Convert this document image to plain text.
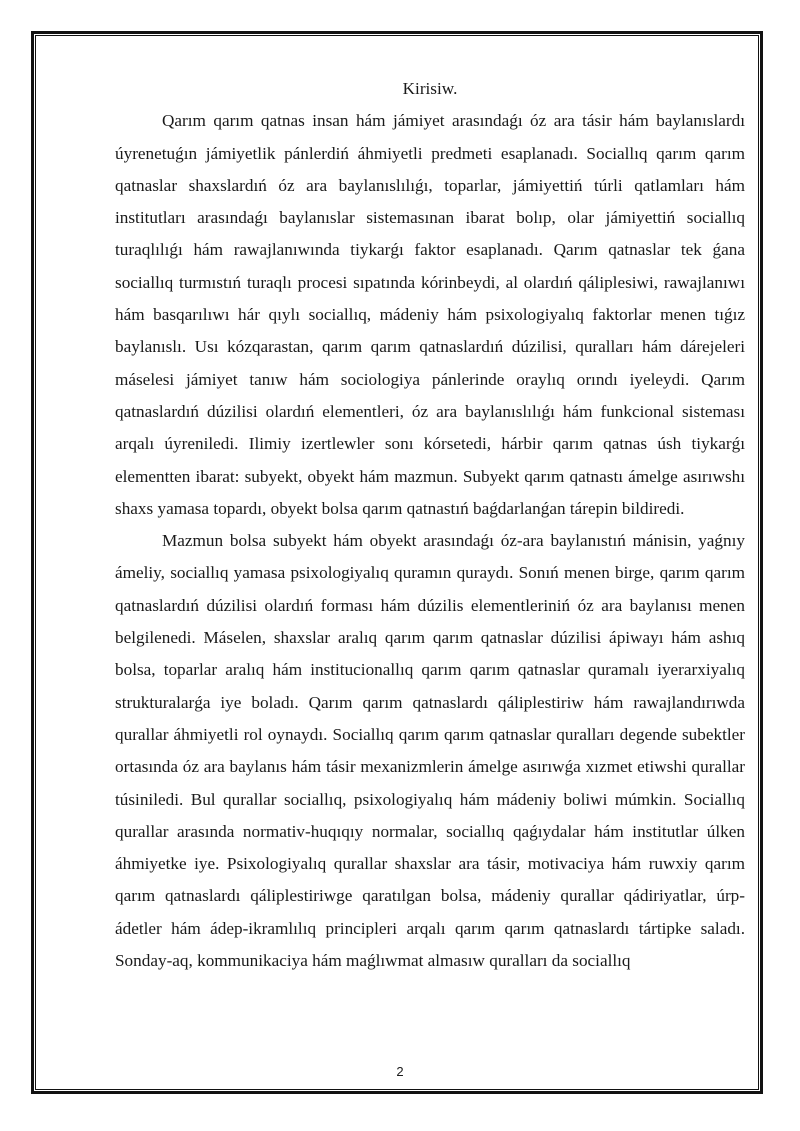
Kirisiw.

Qarım qarım qatnas insan hám jámiyet arasındaǵı óz ara tásir hám baylanıslardı úyrenetuǵın jámiyetlik pánlerdiń áhmiyetli predmeti esaplanadı. Sociallıq qarım qarım qatnaslar shaxslardıń óz ara baylanıslılıǵı, toparlar, jámiyettiń túrli qatlamları hám institutları arasındaǵı baylanıslar sistemasınan ibarat bolıp, olar jámiyettiń sociallıq turaqlılıǵı hám rawajlanıwında tiykarǵı faktor esaplanadı. Qarım qatnaslar tek ǵana sociallıq turmıstıń turaqlı procesi sıpatında kórinbeydi, al olardıń qáliplesiwi, rawajlanıwı hám basqarılıwı hár qıylı sociallıq, mádeniy hám psixologiyalıq faktorlar menen tıǵız baylanıslı. Usı kózqarastan, qarım qarım qatnaslardıń dúzilisi, quralları hám dárejeleri máselesi jámiyet tanıw hám sociologiya pánlerinde oraylıq orındı iyeleydi. Qarım qatnaslardıń dúzilisi olardıń elementleri, óz ara baylanıslılıǵı hám funkcional sisteması arqalı úyreniledi. Ilimiy izertlewler sonı kórsetedi, hárbir qarım qatnas úsh tiykarǵı elementten ibarat: subyekt, obyekt hám mazmun. Subyekt qarım qatnastı ámelge asırıwshı shaxs yamasa topardı, obyekt bolsa qarım qatnastıń baǵdarlanǵan tárepin bildiredi.

Mazmun bolsa subyekt hám obyekt arasındaǵı óz-ara baylanıstıń mánisin, yaǵnıy ámeliy, sociallıq yamasa psixologiyalıq quramın quraydı. Sonıń menen birge, qarım qarım qatnaslardıń dúzilisi olardıń forması hám dúzilis elementleriniń óz ara baylanısı menen belgilenedi. Máselen, shaxslar aralıq qarım qarım qatnaslar dúzilisi ápiwayı hám ashıq bolsa, toparlar aralıq hám institucionallıq qarım qarım qatnaslar quramalı iyerarxiyalıq strukturalarǵa iye boladı. Qarım qarım qatnaslardı qáliplestiriw hám rawajlandırıwda qurallar áhmiyetli rol oynaydı. Sociallıq qarım qarım qatnaslar quralları degende subektler ortasında óz ara baylanıs hám tásir mexanizmlerin ámelge asırıwǵa xızmet etiwshi qurallar túsiniledi. Bul qurallar sociallıq, psixologiyalıq hám mádeniy boliwi múmkin. Sociallıq qurallar arasında normativ-huqıqıy normalar, sociallıq qaǵıydalar hám institutlar úlken áhmiyetke iye. Psixologiyalıq qurallar shaxslar ara tásir, motivaciya hám ruwxiy qarım qarım qatnaslardı qáliplestiriwge qaratılgan bolsa, mádeniy qurallar qádiriyatlar, úrp-ádetler hám ádep-ikramlılıq principleri arqalı qarım qarım qatnaslardı tártipke saladı. Sonday-aq, kommunikaciya hám maǵlıwmat almasıw quralları da sociallıq

2
